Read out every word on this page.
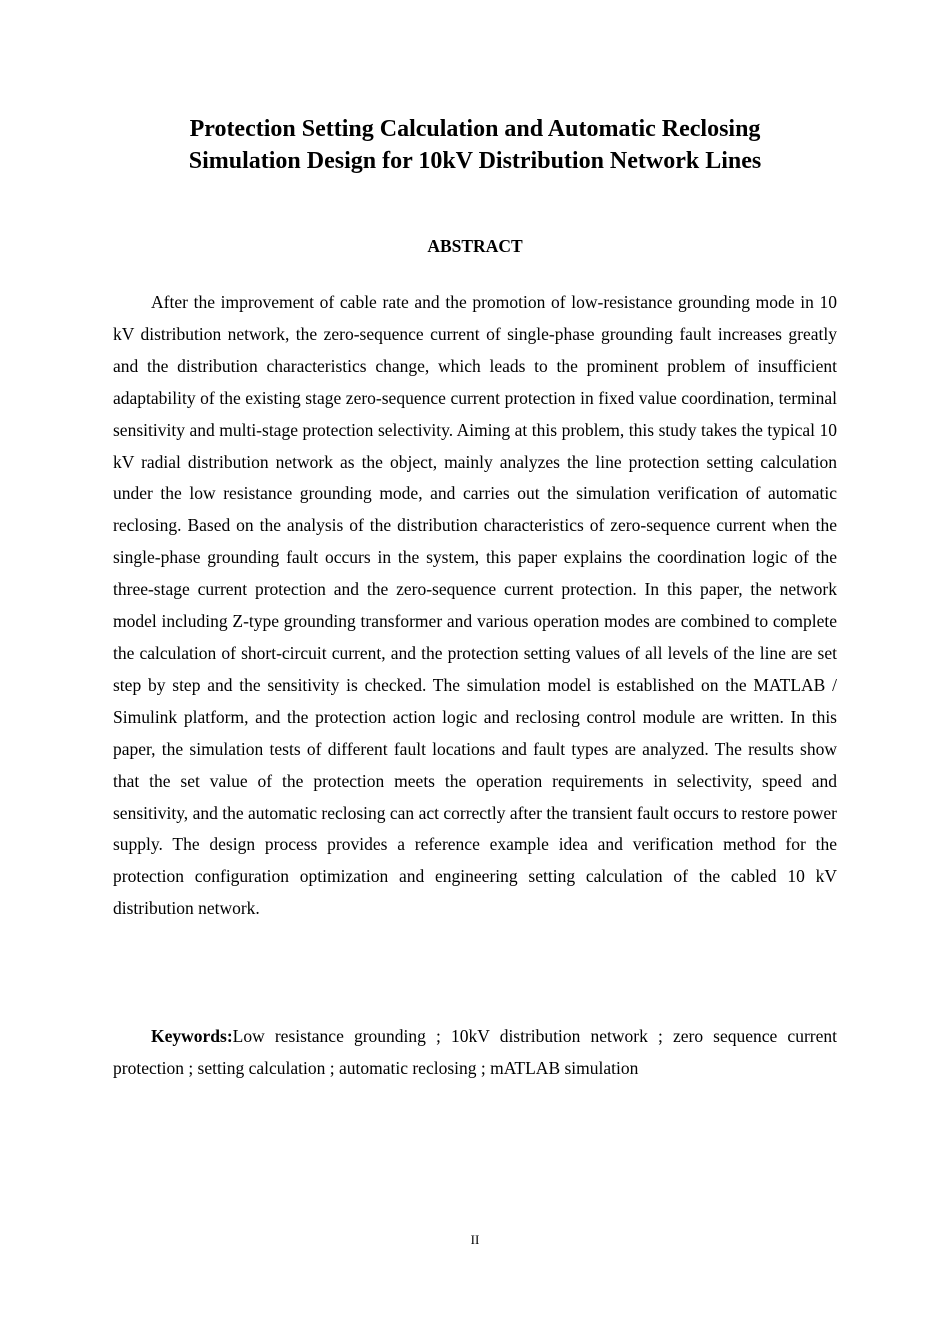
Protection Setting Calculation and Automatic Reclosing
Simulation Design for 10kV Distribution Network Lines
ABSTRACT

After the improvement of cable rate and the promotion of low-resistance grounding mode in 10 kV distribution network, the zero-sequence current of single-phase grounding fault increases greatly and the distribution characteristics change, which leads to the prominent problem of insufficient adaptability of the existing stage zero-sequence current protection in fixed value coordination, terminal sensitivity and multi-stage protection selectivity. Aiming at this problem, this study takes the typical 10 kV radial distribution network as the object, mainly analyzes the line protection setting calculation under the low resistance grounding mode, and carries out the simulation verification of automatic reclosing. Based on the analysis of the distribution characteristics of zero-sequence current when the single-phase grounding fault occurs in the system, this paper explains the coordination logic of the three-stage current protection and the zero-sequence current protection. In this paper, the network model including Z-type grounding transformer and various operation modes are combined to complete the calculation of short-circuit current, and the protection setting values of all levels of the line are set step by step and the sensitivity is checked. The simulation model is established on the MATLAB / Simulink platform, and the protection action logic and reclosing control module are written. In this paper, the simulation tests of different fault locations and fault types are analyzed. The results show that the set value of the protection meets the operation requirements in selectivity, speed and sensitivity, and the automatic reclosing can act correctly after the transient fault occurs to restore power supply. The design process provides a reference example idea and verification method for the protection configuration optimization and engineering setting calculation of the cabled 10 kV distribution network.

Keywords:Low resistance grounding ; 10kV distribution network ; zero sequence current protection ; setting calculation ; automatic reclosing ; mATLAB simulation

II
